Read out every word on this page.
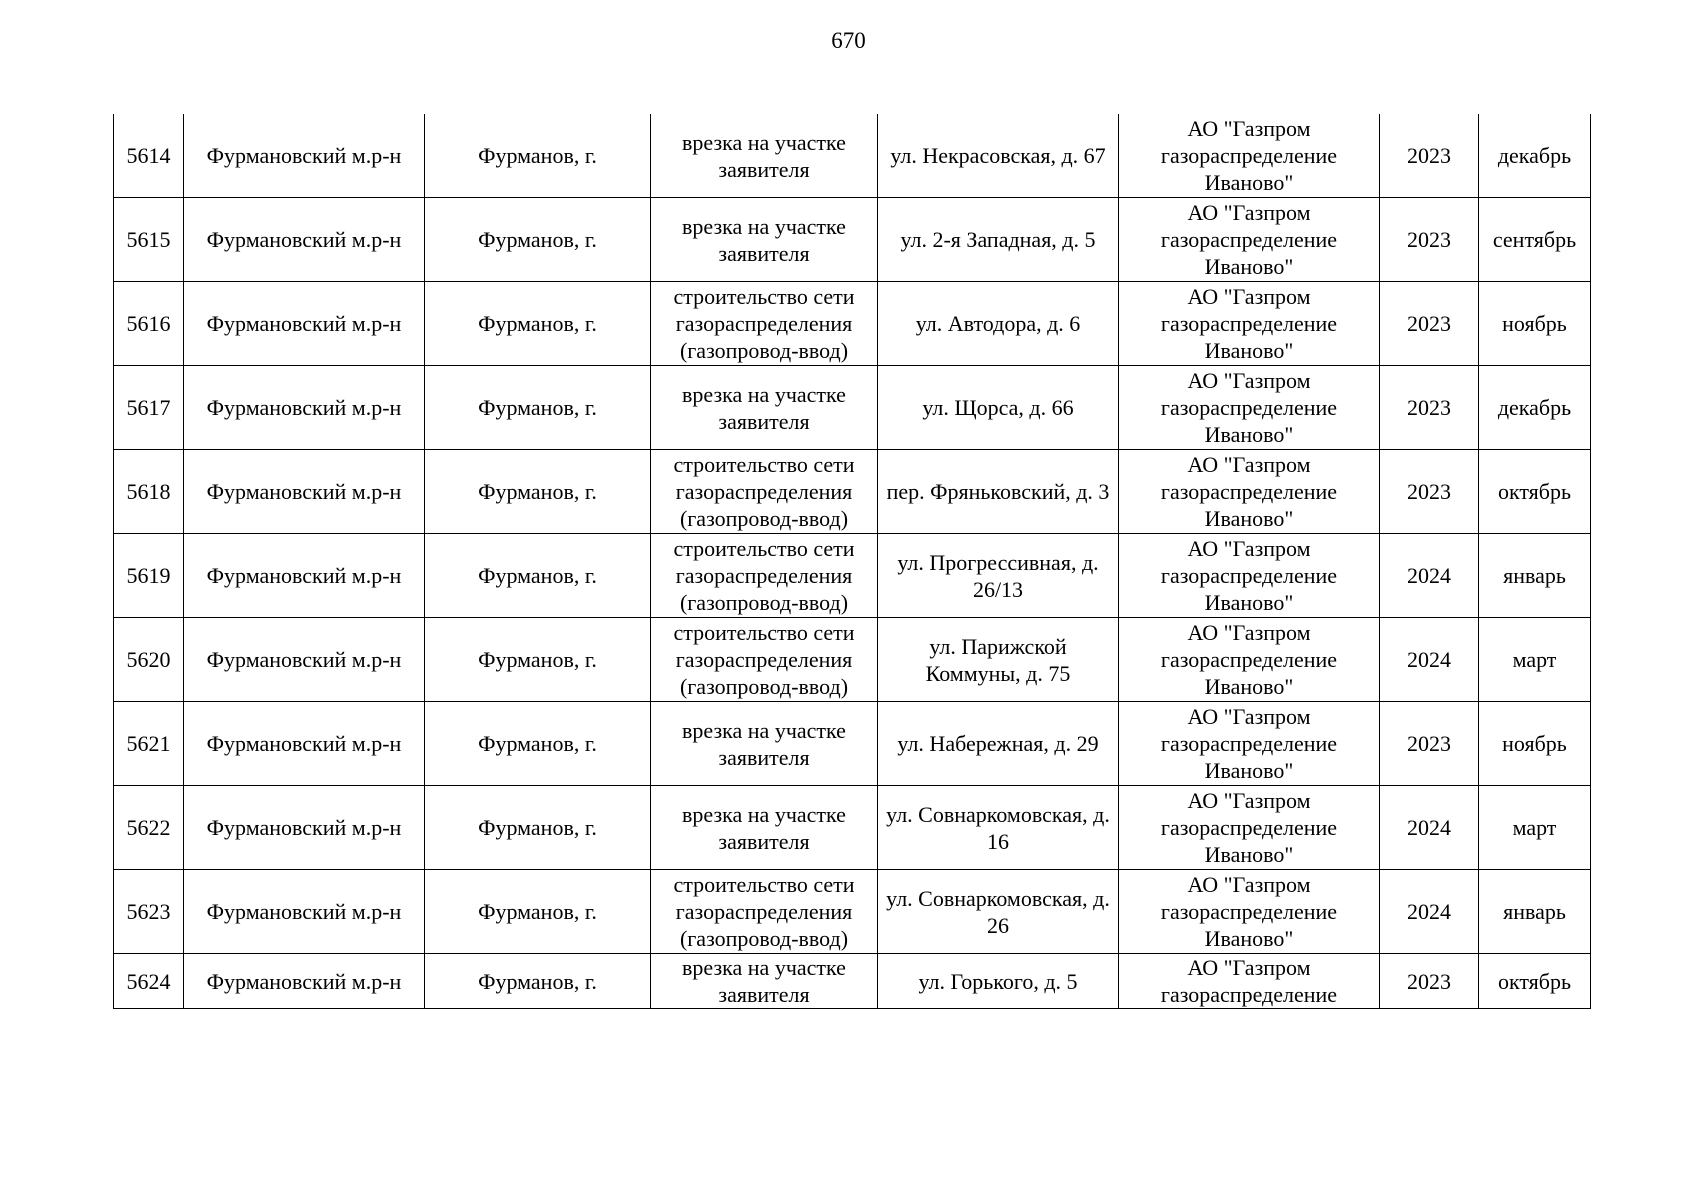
670
5614	Фурмановский м.р-н	Фурманов, г.	врезка на участке заявителя	ул. Некрасовская, д. 67	АО "Газпром газораспределение Иваново"	2023	декабрь
5615	Фурмановский м.р-н	Фурманов, г.	врезка на участке заявителя	ул. 2-я Западная, д. 5	АО "Газпром газораспределение Иваново"	2023	сентябрь
5616	Фурмановский м.р-н	Фурманов, г.	строительство сети газораспределения (газопровод-ввод)	ул. Автодора, д. 6	АО "Газпром газораспределение Иваново"	2023	ноябрь
5617	Фурмановский м.р-н	Фурманов, г.	врезка на участке заявителя	ул. Щорса, д. 66	АО "Газпром газораспределение Иваново"	2023	декабрь
5618	Фурмановский м.р-н	Фурманов, г.	строительство сети газораспределения (газопровод-ввод)	пер. Фряньковский, д. 3	АО "Газпром газораспределение Иваново"	2023	октябрь
5619	Фурмановский м.р-н	Фурманов, г.	строительство сети газораспределения (газопровод-ввод)	ул. Прогрессивная, д. 26/13	АО "Газпром газораспределение Иваново"	2024	январь
5620	Фурмановский м.р-н	Фурманов, г.	строительство сети газораспределения (газопровод-ввод)	ул. Парижской Коммуны, д. 75	АО "Газпром газораспределение Иваново"	2024	март
5621	Фурмановский м.р-н	Фурманов, г.	врезка на участке заявителя	ул. Набережная, д. 29	АО "Газпром газораспределение Иваново"	2023	ноябрь
5622	Фурмановский м.р-н	Фурманов, г.	врезка на участке заявителя	ул. Совнаркомовская, д. 16	АО "Газпром газораспределение Иваново"	2024	март
5623	Фурмановский м.р-н	Фурманов, г.	строительство сети газораспределения (газопровод-ввод)	ул. Совнаркомовская, д. 26	АО "Газпром газораспределение Иваново"	2024	январь
5624	Фурмановский м.р-н	Фурманов, г.	врезка на участке заявителя	ул. Горького, д. 5	АО "Газпром газораспределение	2023	октябрь
